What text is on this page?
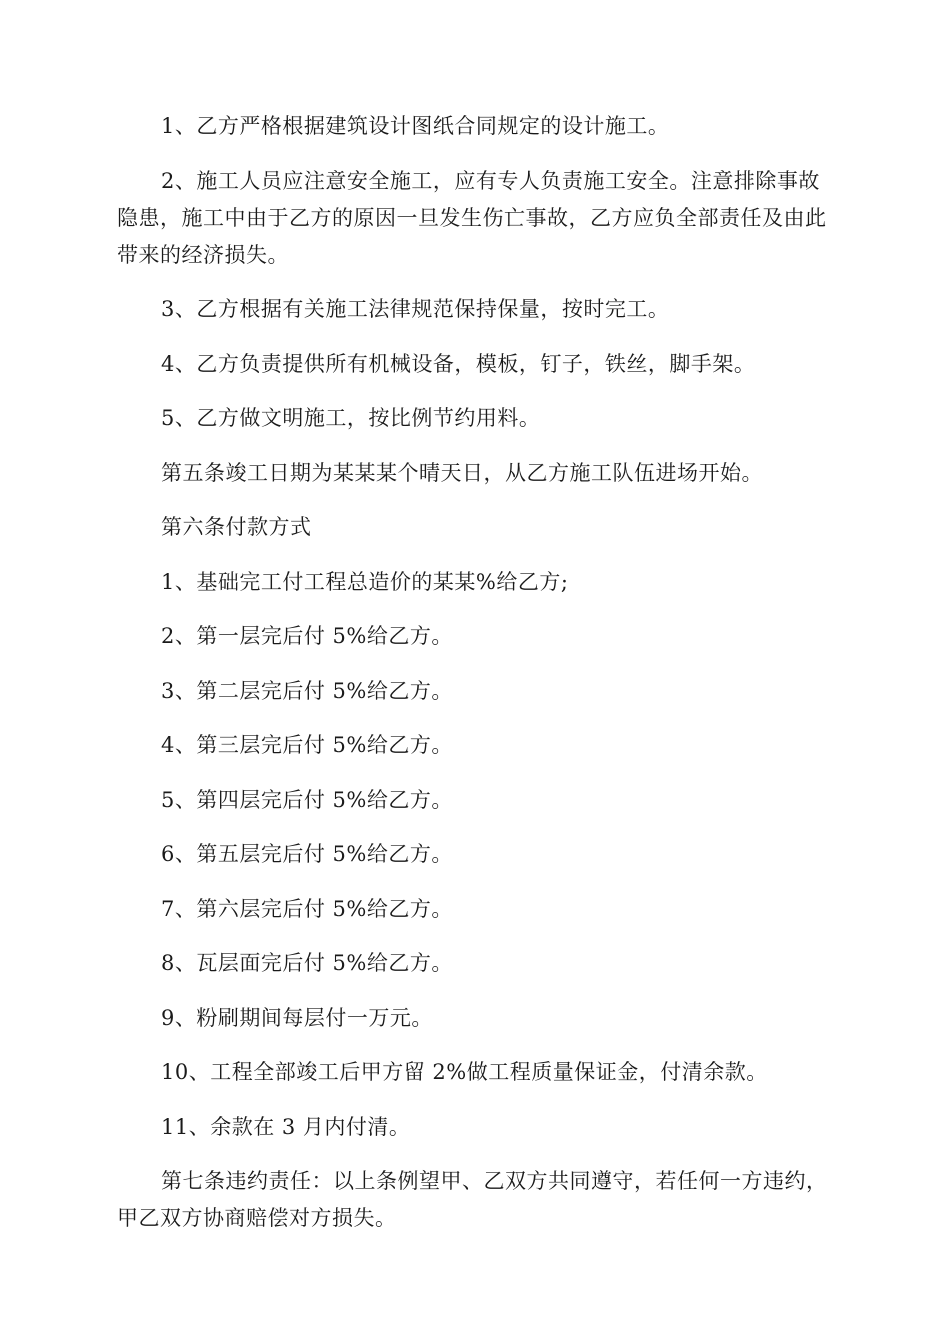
1、乙方严格根据建筑设计图纸合同规定的设计施工。

2、施工人员应注意安全施工，应有专人负责施工安全。注意排除事故隐患，施工中由于乙方的原因一旦发生伤亡事故，乙方应负全部责任及由此带来的经济损失。

3、乙方根据有关施工法律规范保持保量，按时完工。

4、乙方负责提供所有机械设备，模板，钉子，铁丝，脚手架。

5、乙方做文明施工，按比例节约用料。

第五条竣工日期为某某某个晴天日，从乙方施工队伍进场开始。

第六条付款方式

1、基础完工付工程总造价的某某%给乙方;

2、第一层完后付 5%给乙方。

3、第二层完后付 5%给乙方。

4、第三层完后付 5%给乙方。

5、第四层完后付 5%给乙方。

6、第五层完后付 5%给乙方。

7、第六层完后付 5%给乙方。

8、瓦层面完后付 5%给乙方。

9、粉刷期间每层付一万元。

10、工程全部竣工后甲方留 2%做工程质量保证金，付清余款。

11、余款在 3 月内付清。

第七条违约责任：以上条例望甲、乙双方共同遵守，若任何一方违约，甲乙双方协商赔偿对方损失。
